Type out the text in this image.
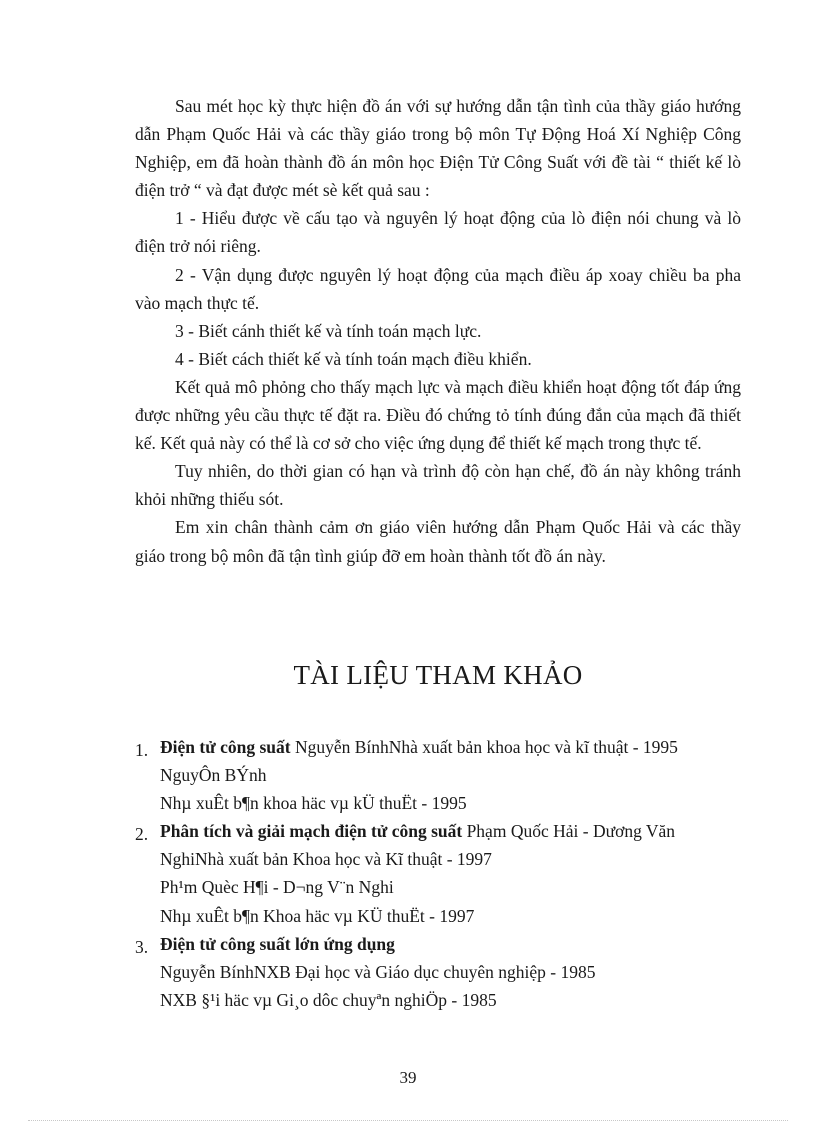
Sau mét học kỳ thực hiện đồ án với sự hướng dẫn tận tình của thầy giáo hướng dẫn Phạm Quốc Hải và các thầy giáo trong bộ môn Tự Động Hoá Xí Nghiệp Công Nghiệp, em đã hoàn thành đồ án môn học Điện Tử Công Suất với đề tài “ thiết kế lò điện trở “ và đạt được mét sè kết quả sau :

1 - Hiểu được về cấu tạo và nguyên lý hoạt động của lò điện nói chung và lò điện trở nói riêng.

2 - Vận dụng được nguyên lý hoạt động của mạch điều áp xoay chiều ba pha vào mạch thực tế.

3 - Biết cánh thiết kế và tính toán mạch lực.

4 - Biết cách thiết kế và tính toán mạch điều khiển.

Kết quả mô phỏng cho thấy mạch lực và mạch điều khiển hoạt động tốt đáp ứng được những yêu cầu thực tế đặt ra. Điều đó chứng tỏ tính đúng đắn của mạch đã thiết kế. Kết quả này có thể là cơ sở cho việc ứng dụng để thiết kế mạch trong thực tế.

Tuy nhiên, do thời gian có hạn và trình độ còn hạn chế, đồ án này không tránh khỏi những thiếu sót.

Em xin chân thành cảm ơn giáo viên hướng dẫn Phạm Quốc Hải và các thầy giáo trong bộ môn đã tận tình giúp đỡ em hoàn thành tốt đồ án này.

TÀI LIỆU THAM KHẢO
1. Điện tử công suất Nguyễn BínhNhà xuất bản khoa học và kĩ thuật - 1995
NguyÔn BÝnh
Nhµ xuÊt b¶n khoa häc vµ kÜ thuËt - 1995
2. Phân tích và giải mạch điện tử công suất Phạm Quốc Hải - Dương Văn
NghiNhà xuất bản Khoa học và Kĩ thuật - 1997
Ph¹m Quèc H¶i - D¬ng V¨n Nghi
Nhµ xuÊt b¶n Khoa häc vµ KÜ thuËt - 1997
3. Điện tử công suất lớn ứng dụng
Nguyễn BínhNXB Đại học và Giáo dục chuyên nghiệp - 1985
NXB §¹i häc vµ Gi¸o dôc chuyªn nghiÖp - 1985
39
